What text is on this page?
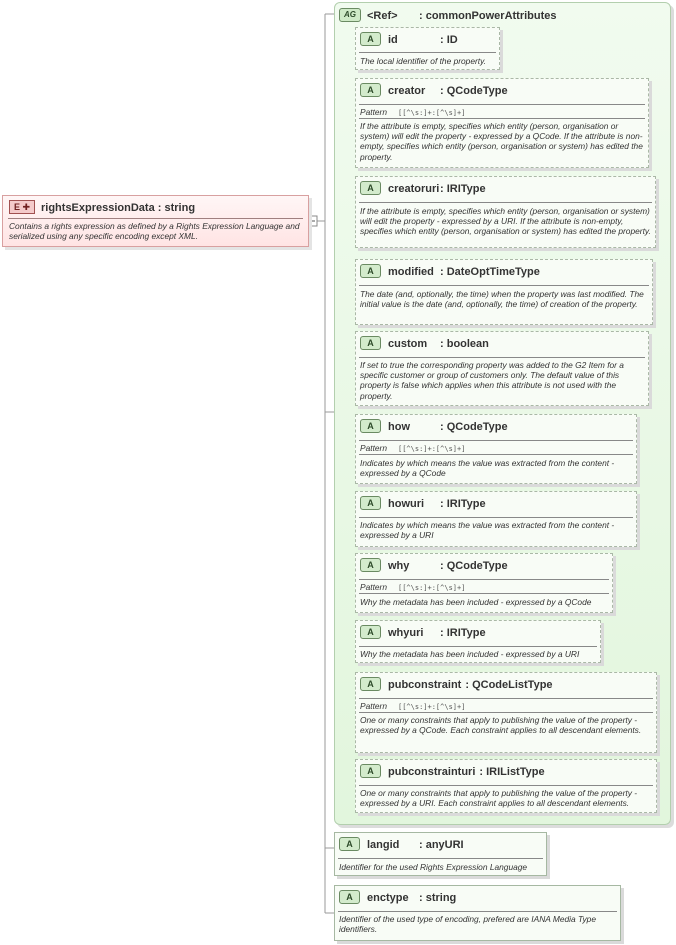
E ✚ rightsExpressionData : string
Contains a rights expression as defined by a Rights Expression Language and serialized using any specific encoding except XML.
AG <Ref> : commonPowerAttributes
A id	: ID
The local identifier of the property.
A creator : QCodeType
Pattern [[^\s:]+:[^\s]+]
If the attribute is empty, specifies which entity (person, organisation or system) will edit the property - expressed by a QCode. If the attribute is non-empty, specifies which entity (person, organisation or system) has edited the property.
A creatoruri: IRIType
If the attribute is empty, specifies which entity (person, organisation or system) will edit the property - expressed by a URI. If the attribute is non-empty, specifies which entity (person, organisation or system) has edited the property.
A modified : DateOptTimeType
The date (and, optionally, the time) when the property was last modified. The initial value is the date (and, optionally, the time) of creation of the property.
A custom : boolean
If set to true the corresponding property was added to the G2 Item for a specific customer or group of customers only. The default value of this property is false which applies when this attribute is not used with the property.
A how	: QCodeType
Pattern [[^\s:]+:[^\s]+]
Indicates by which means the value was extracted from the content - expressed by a QCode
A howuri : IRIType
Indicates by which means the value was extracted from the content - expressed by a URI
A why	: QCodeType
Pattern [[^\s:]+:[^\s]+]
Why the metadata has been included - expressed by a QCode
A whyuri : IRIType
Why the metadata has been included - expressed by a URI
A pubconstraint : QCodeListType
Pattern [[^\s:]+:[^\s]+]
One or many constraints that apply to publishing the value of the property - expressed by a QCode. Each constraint applies to all descendant elements.
A pubconstrainturi : IRIListType
One or many constraints that apply to publishing the value of the property - expressed by a URI. Each constraint applies to all descendant elements.
A langid : anyURI
Identifier for the used Rights Expression Language
A enctype : string
Identifier of the used type of encoding, prefered are IANA Media Type identifiers.
